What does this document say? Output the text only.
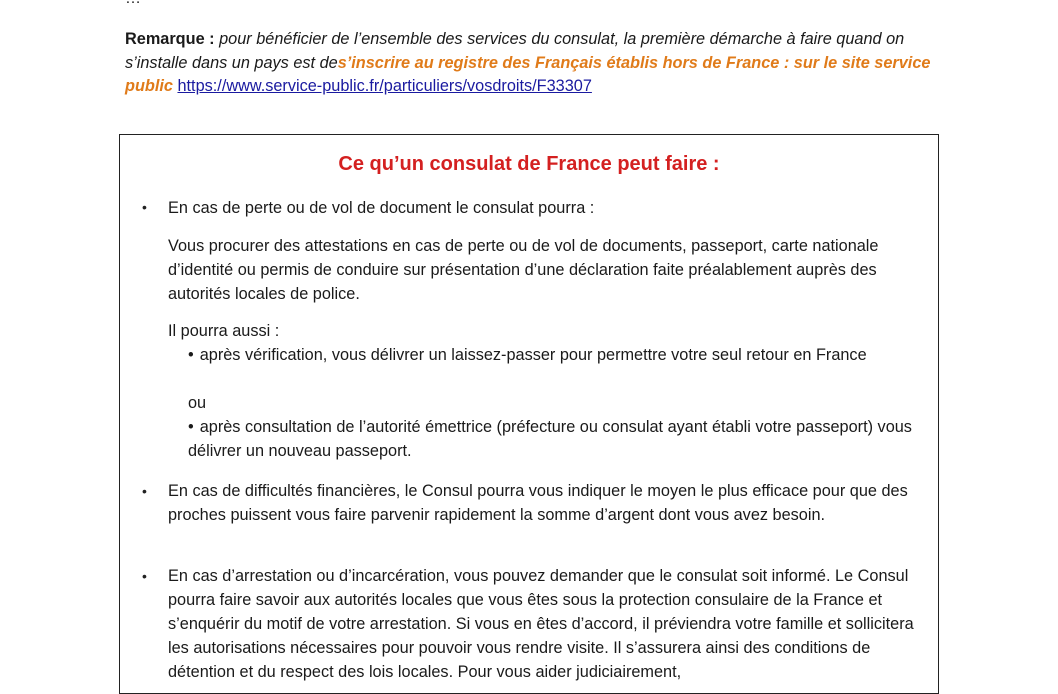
Remarque : pour bénéficier de l’ensemble des services du consulat, la première démarche à faire quand on s’installe dans un pays est des’inscrire au registre des Français établis hors de France : sur le site service public https://www.service-public.fr/particuliers/vosdroits/F33307
Ce qu’un consulat de France peut faire :
• En cas de perte ou de vol de document le consulat pourra :
Vous procurer des attestations en cas de perte ou de vol de documents, passeport, carte nationale d’identité ou permis de conduire sur présentation d’une déclaration faite préalablement auprès des autorités locales de police.
Il pourra aussi :
• après vérification, vous délivrer un laissez-passer pour permettre votre seul retour en France
ou
• après consultation de l’autorité émettrice (préfecture ou consulat ayant établi votre passeport) vous délivrer un nouveau passeport.
• En cas de difficultés financières, le Consul pourra vous indiquer le moyen le plus efficace pour que des proches puissent vous faire parvenir rapidement la somme d’argent dont vous avez besoin.
• En cas d’arrestation ou d’incarcération, vous pouvez demander que le consulat soit informé. Le Consul pourra faire savoir aux autorités locales que vous êtes sous la protection consulaire de la France et s’enquérir du motif de votre arrestation. Si vous en êtes d’accord, il préviendra votre famille et sollicitera les autorisations nécessaires pour pouvoir vous rendre visite. Il s’assurera ainsi des conditions de détention et du respect des lois locales. Pour vous aider judiciairement,
